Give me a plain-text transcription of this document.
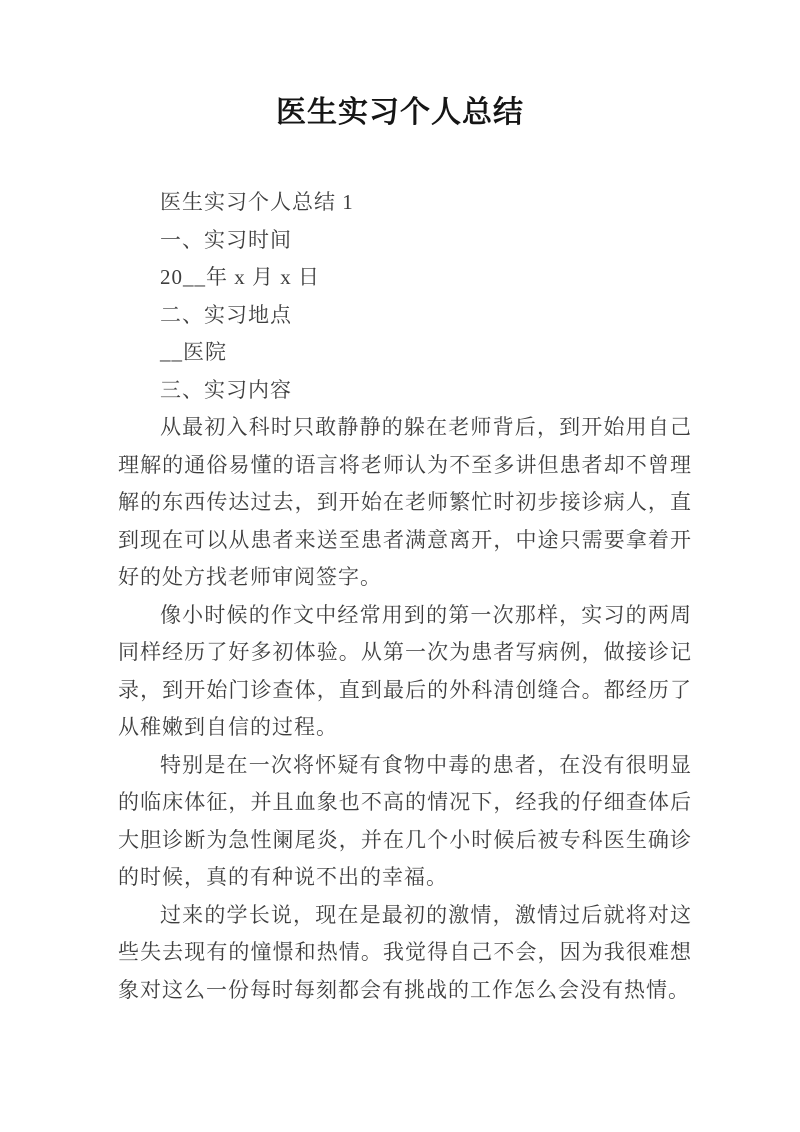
医生实习个人总结

医生实习个人总结 1

一、实习时间

20__年 x 月 x 日

二、实习地点

__医院

三、实习内容

从最初入科时只敢静静的躲在老师背后，到开始用自己理解的通俗易懂的语言将老师认为不至多讲但患者却不曾理解的东西传达过去，到开始在老师繁忙时初步接诊病人，直到现在可以从患者来送至患者满意离开，中途只需要拿着开好的处方找老师审阅签字。

像小时候的作文中经常用到的第一次那样，实习的两周同样经历了好多初体验。从第一次为患者写病例，做接诊记录，到开始门诊查体，直到最后的外科清创缝合。都经历了从稚嫩到自信的过程。

特别是在一次将怀疑有食物中毒的患者，在没有很明显的临床体征，并且血象也不高的情况下，经我的仔细查体后大胆诊断为急性阑尾炎，并在几个小时候后被专科医生确诊的时候，真的有种说不出的幸福。

过来的学长说，现在是最初的激情，激情过后就将对这些失去现有的憧憬和热情。我觉得自己不会，因为我很难想象对这么一份每时每刻都会有挑战的工作怎么会没有热情。
